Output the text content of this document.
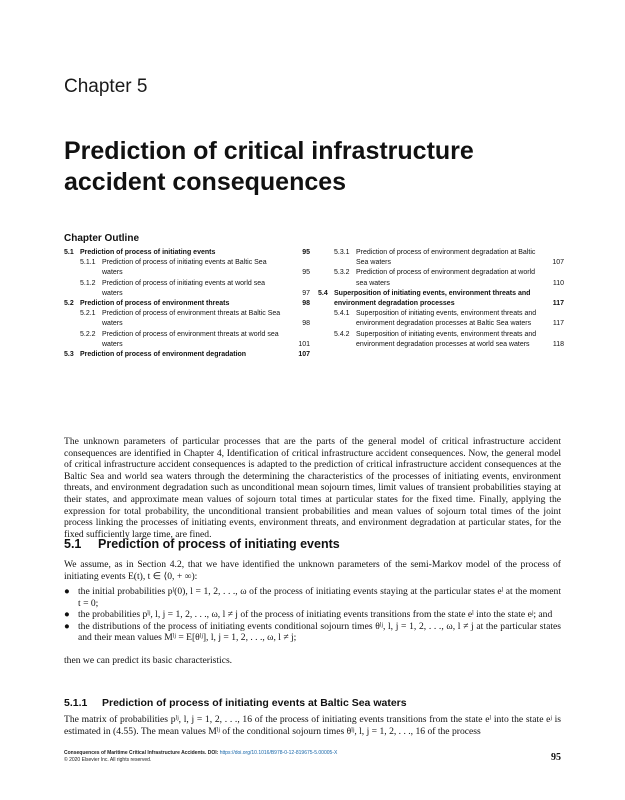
Chapter 5
Prediction of critical infrastructure accident consequences
Chapter Outline
5.1 Prediction of process of initiating events	95
5.1.1 Prediction of process of initiating events at Baltic Sea waters	95
5.1.2 Prediction of process of initiating events at world sea waters	97
5.2 Prediction of process of environment threats	98
5.2.1 Prediction of process of environment threats at Baltic Sea waters	98
5.2.2 Prediction of process of environment threats at world sea waters	101
5.3 Prediction of process of environment degradation	107
5.3.1 Prediction of process of environment degradation at Baltic Sea waters	107
5.3.2 Prediction of process of environment degradation at world sea waters	110
5.4 Superposition of initiating events, environment threats and environment degradation processes	117
5.4.1 Superposition of initiating events, environment threats and environment degradation processes at Baltic Sea waters	117
5.4.2 Superposition of initiating events, environment threats and environment degradation processes at world sea waters	118

The unknown parameters of particular processes that are the parts of the general model of critical infrastructure accident consequences are identified in Chapter 4, Identification of critical infrastructure accident consequences. Now, the general model of critical infrastructure accident consequences is adapted to the prediction of critical infrastructure accident consequences at the Baltic Sea and world sea waters through the determining the characteristics of the processes of initiating events, environment threats, and environment degradation such as unconditional mean sojourn times, limit values of transient probabilities staying at their states, and approximate mean values of sojourn total times at particular states for the fixed time. Finally, applying the expression for total probability, the unconditional transient probabilities and mean values of sojourn total times of the joint process linking the processes of initiating events, environment threats, and environment degradation at particular states, for the fixed sufficiently large time, are fined.

5.1 Prediction of process of initiating events

We assume, as in Section 4.2, that we have identified the unknown parameters of the semi-Markov model of the process of initiating events E(t), t ∈ ⟨0, + ∞):

● the initial probabilities pˡ(0), l = 1, 2, . . ., ω of the process of initiating events staying at the particular states eˡ at the moment t = 0;
● the probabilities pˡʲ, l, j = 1, 2, . . ., ω, l ≠ j of the process of initiating events transitions from the state eˡ into the state eʲ; and
● the distributions of the process of initiating events conditional sojourn times θˡʲ, l, j = 1, 2, . . ., ω, l ≠ j at the particular states and their mean values Mˡʲ = E[θˡʲ], l, j = 1, 2, . . ., ω, l ≠ j;

then we can predict its basic characteristics.

5.1.1 Prediction of process of initiating events at Baltic Sea waters

The matrix of probabilities pˡʲ, l, j = 1, 2, . . ., 16 of the process of initiating events transitions from the state eˡ into the state eʲ is estimated in (4.55). The mean values Mˡʲ of the conditional sojourn times θˡʲ, l, j = 1, 2, . . ., 16 of the process

Consequences of Maritime Critical Infrastructure Accidents. DOI: https://doi.org/10.1016/B978-0-12-819675-5.00005-X
© 2020 Elsevier Inc. All rights reserved.	95
